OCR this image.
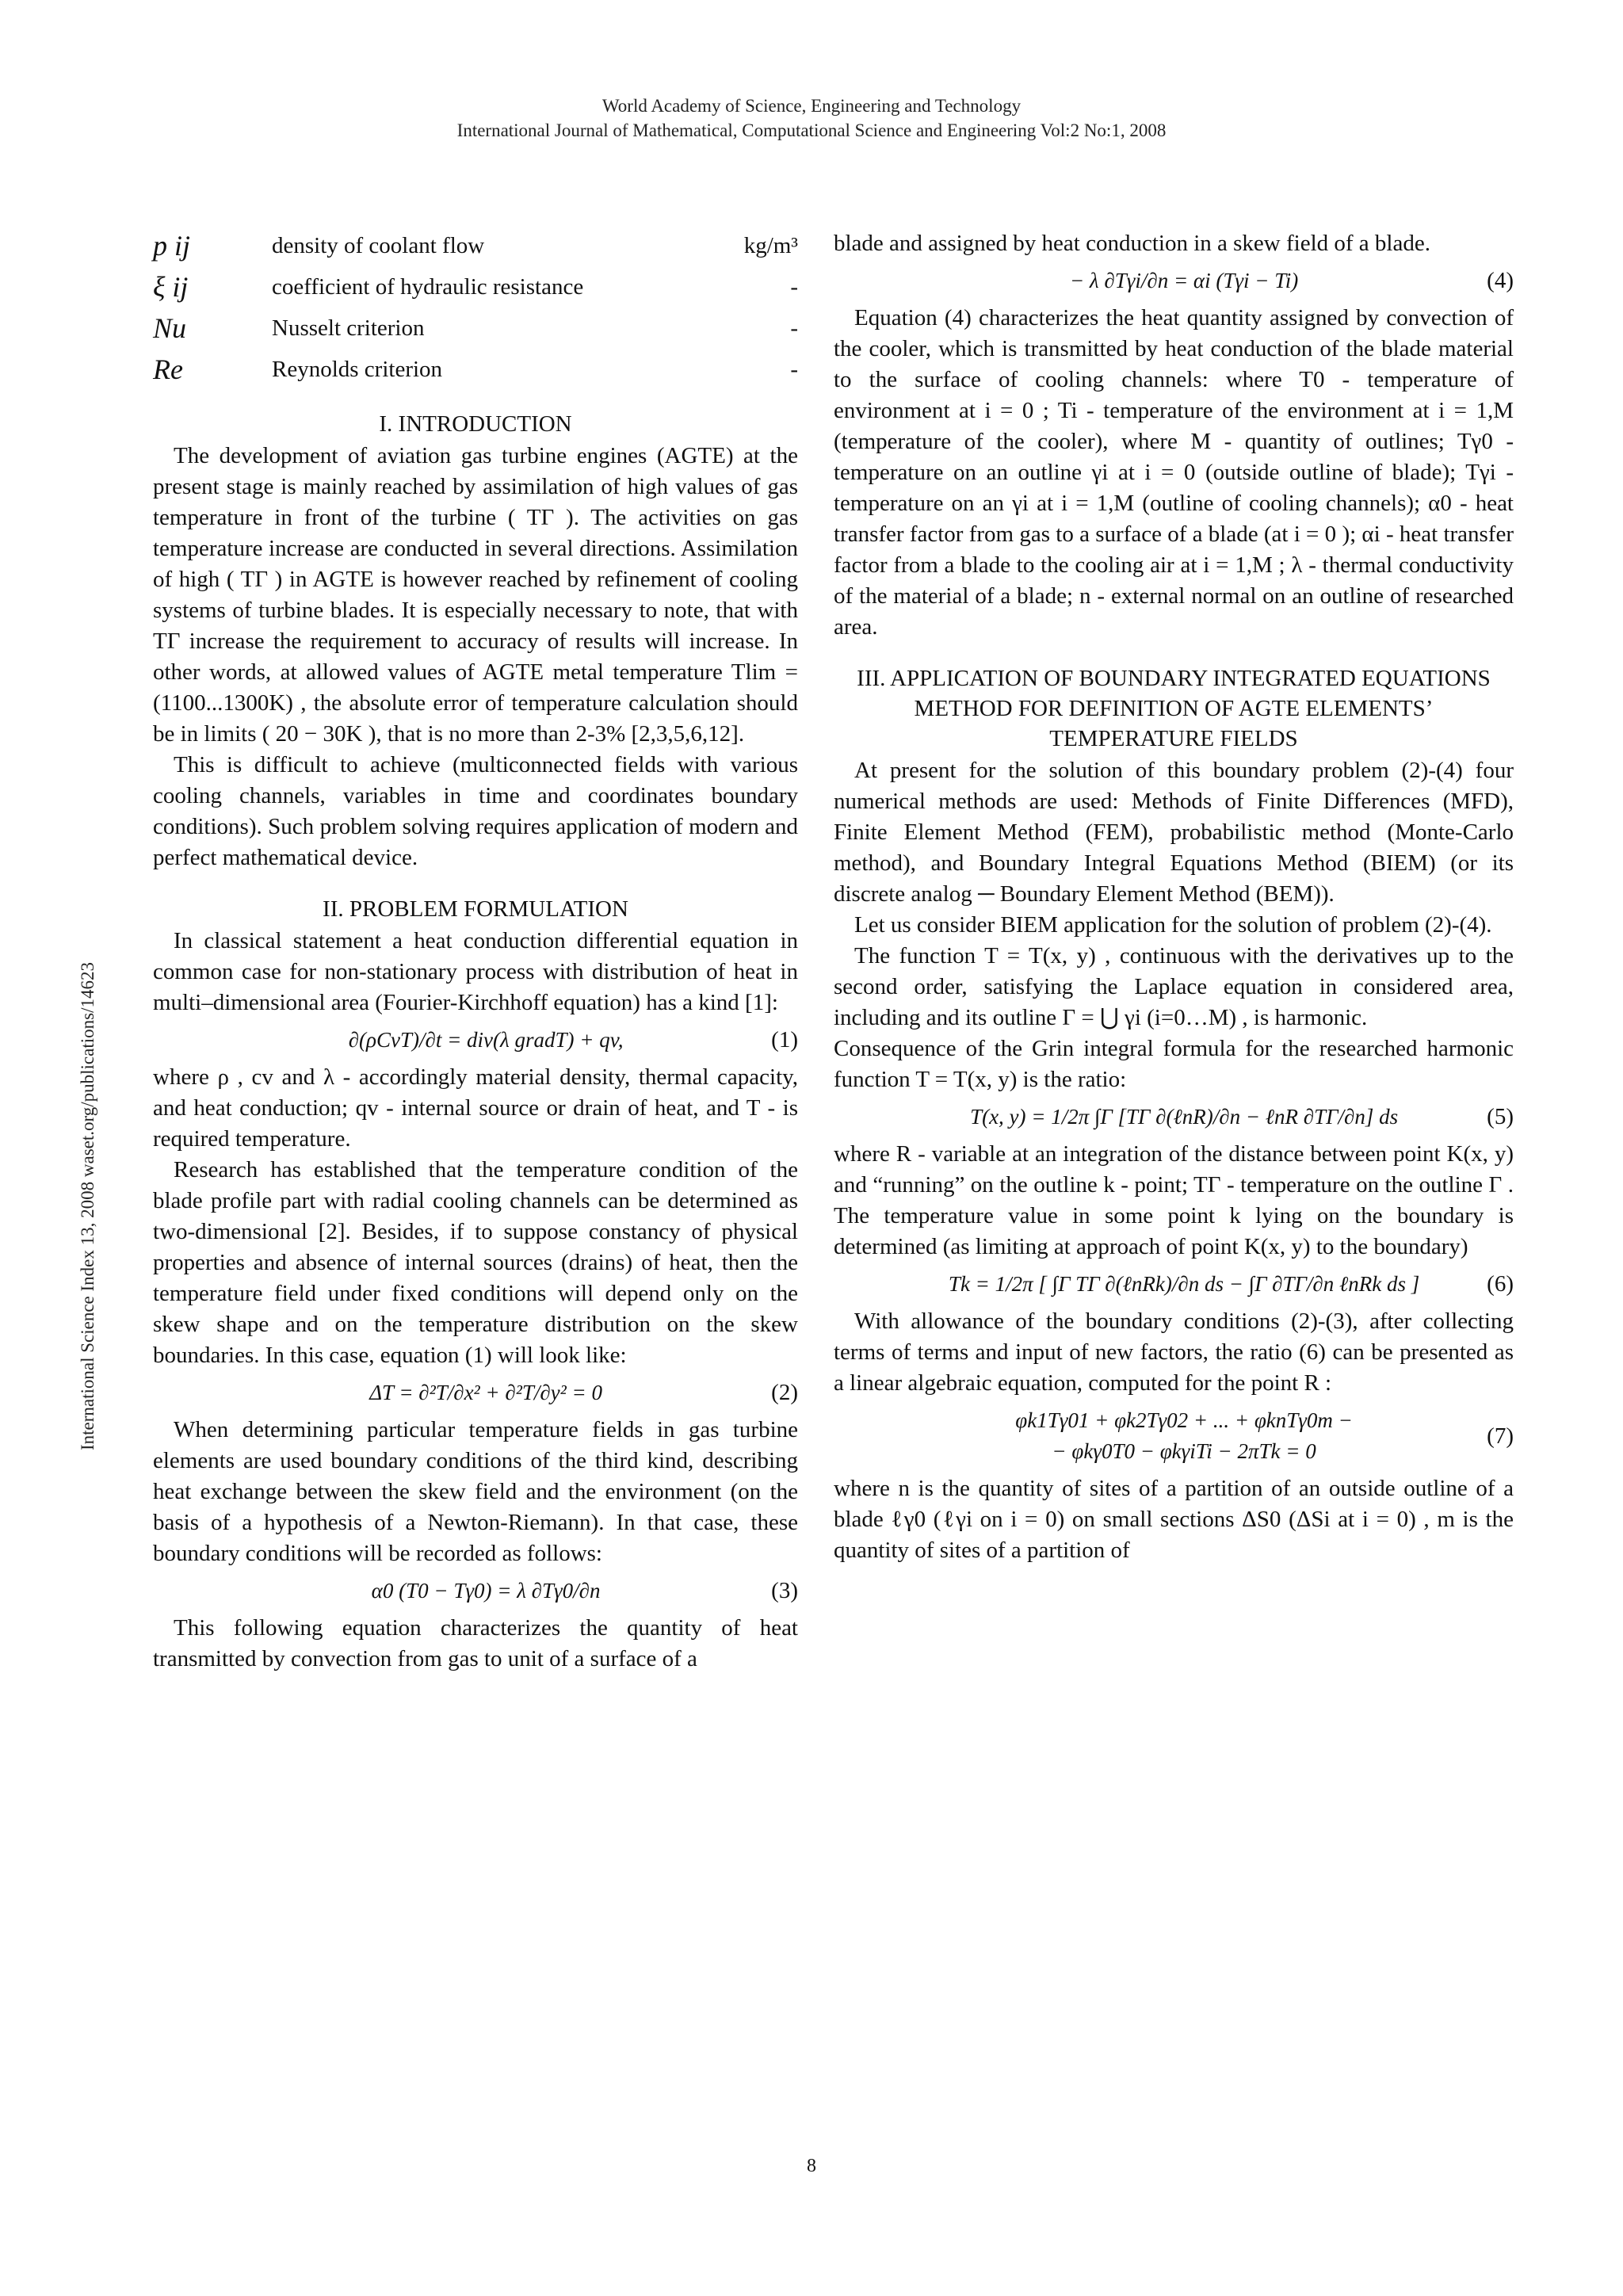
World Academy of Science, Engineering and Technology
International Journal of Mathematical, Computational Science and Engineering Vol:2 No:1, 2008
International Science Index 13, 2008 waset.org/publications/14623
p ij	density of coolant flow	kg/m³
ξ ij	coefficient of hydraulic resistance	-
Nu	Nusselt criterion	-
Re	Reynolds criterion	-
I. INTRODUCTION

The development of aviation gas turbine engines (AGTE) at the present stage is mainly reached by assimilation of high values of gas temperature in front of the turbine ( TΓ ). The activities on gas temperature increase are conducted in several directions. Assimilation of high ( TΓ ) in AGTE is however reached by refinement of cooling systems of turbine blades. It is especially necessary to note, that with TΓ increase the requirement to accuracy of results will increase. In other words, at allowed values of AGTE metal temperature Tlim = (1100...1300K) , the absolute error of temperature calculation should be in limits ( 20 − 30K ), that is no more than 2-3% [2,3,5,6,12].

This is difficult to achieve (multiconnected fields with various cooling channels, variables in time and coordinates boundary conditions). Such problem solving requires application of modern and perfect mathematical device.

II. PROBLEM FORMULATION

In classical statement a heat conduction differential equation in common case for non-stationary process with distribution of heat in multi–dimensional area (Fourier-Kirchhoff equation) has a kind [1]:

∂(ρCvT)/∂t = div(λ gradT) + qv,	(1)

where ρ , cv and λ - accordingly material density, thermal capacity, and heat conduction; qv - internal source or drain of heat, and T - is required temperature.

Research has established that the temperature condition of the blade profile part with radial cooling channels can be determined as two-dimensional [2]. Besides, if to suppose constancy of physical properties and absence of internal sources (drains) of heat, then the temperature field under fixed conditions will depend only on the skew shape and on the temperature distribution on the skew boundaries. In this case, equation (1) will look like:

ΔT = ∂²T/∂x² + ∂²T/∂y² = 0	(2)

When determining particular temperature fields in gas turbine elements are used boundary conditions of the third kind, describing heat exchange between the skew field and the environment (on the basis of a hypothesis of a Newton-Riemann). In that case, these boundary conditions will be recorded as follows:

α0 (T0 − Tγ0) = λ ∂Tγ0/∂n	(3)

This following equation characterizes the quantity of heat transmitted by convection from gas to unit of a surface of a

blade and assigned by heat conduction in a skew field of a blade.

− λ ∂Tγi/∂n = αi (Tγi − Ti)	(4)

Equation (4) characterizes the heat quantity assigned by convection of the cooler, which is transmitted by heat conduction of the blade material to the surface of cooling channels: where T0 - temperature of environment at i = 0 ; Ti - temperature of the environment at i = 1,M (temperature of the cooler), where M - quantity of outlines; Tγ0 - temperature on an outline γi at i = 0 (outside outline of blade); Tγi - temperature on an γi at i = 1,M (outline of cooling channels); α0 - heat transfer factor from gas to a surface of a blade (at i = 0 ); αi - heat transfer factor from a blade to the cooling air at i = 1,M ; λ - thermal conductivity of the material of a blade; n - external normal on an outline of researched area.

III. APPLICATION OF BOUNDARY INTEGRATED EQUATIONS METHOD FOR DEFINITION OF AGTE ELEMENTS’ TEMPERATURE FIELDS

At present for the solution of this boundary problem (2)-(4) four numerical methods are used: Methods of Finite Differences (MFD), Finite Element Method (FEM), probabilistic method (Monte-Carlo method), and Boundary Integral Equations Method (BIEM) (or its discrete analog ─ Boundary Element Method (BEM)).

Let us consider BIEM application for the solution of problem (2)-(4).

The function T = T(x, y) , continuous with the derivatives up to the second order, satisfying the Laplace equation in considered area, including and its outline Γ = ⋃ γi (i=0…M) , is harmonic.

Consequence of the Grin integral formula for the researched harmonic function T = T(x, y) is the ratio:

T(x, y) = 1/2π ∫Γ [TΓ ∂(ℓnR)/∂n − ℓnR ∂TΓ/∂n] ds	(5)

where R - variable at an integration of the distance between point K(x, y) and “running” on the outline k - point; TΓ - temperature on the outline Γ . The temperature value in some point k lying on the boundary is determined (as limiting at approach of point K(x, y) to the boundary)

Tk = 1/2π [ ∫Γ TΓ ∂(ℓnRk)/∂n ds − ∫Γ ∂TΓ/∂n ℓnRk ds ]	(6)

With allowance of the boundary conditions (2)-(3), after collecting terms of terms and input of new factors, the ratio (6) can be presented as a linear algebraic equation, computed for the point R :

φk1Tγ01 + φk2Tγ02 + ... + φknTγ0m −
− φkγ0T0 − φkγiTi − 2πTk = 0
(7)

where n is the quantity of sites of a partition of an outside outline of a blade ℓγ0 (ℓγi on i = 0) on small sections ΔS0 (ΔSi at i = 0) , m is the quantity of sites of a partition of

8
